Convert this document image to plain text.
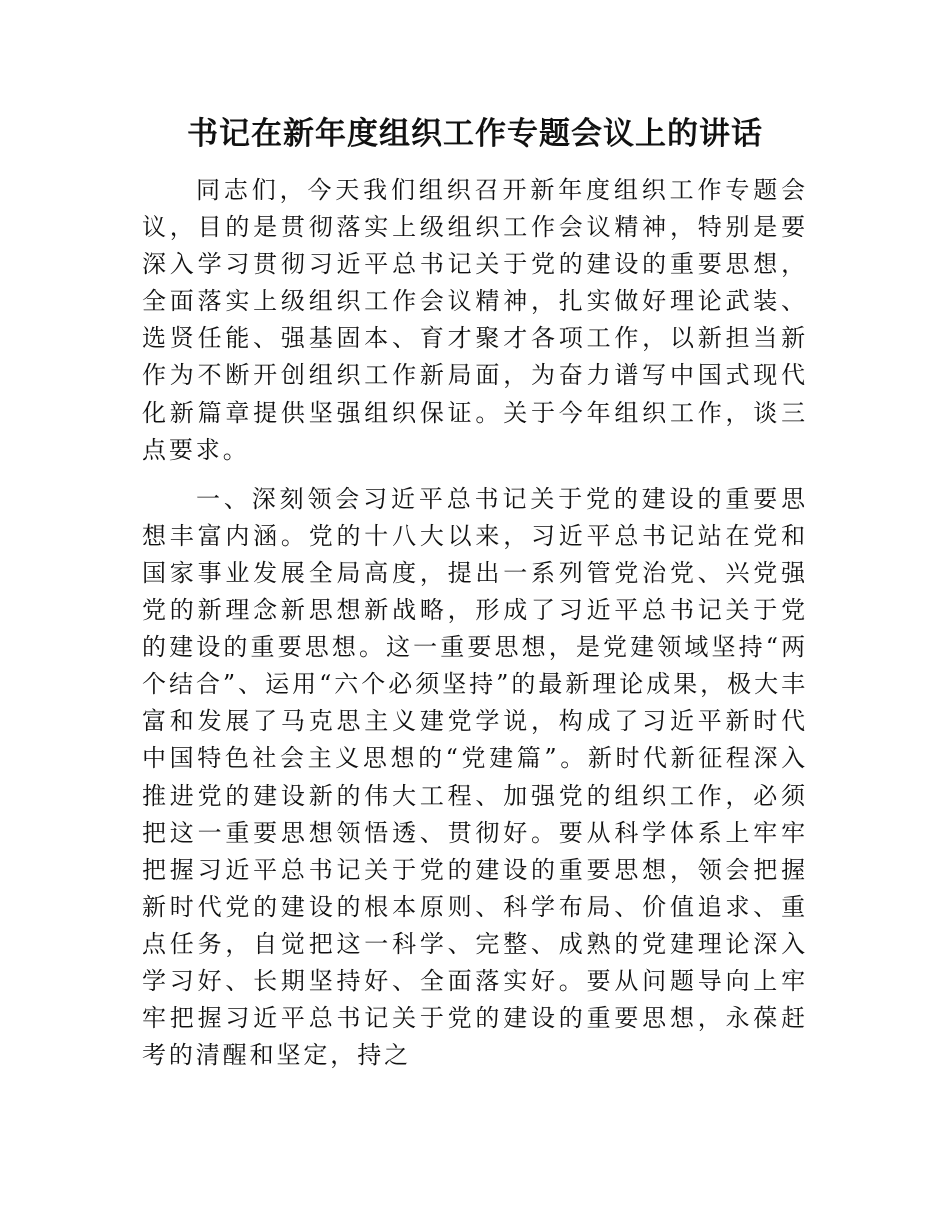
书记在新年度组织工作专题会议上的讲话

同志们，今天我们组织召开新年度组织工作专题会议，目的是贯彻落实上级组织工作会议精神，特别是要深入学习贯彻习近平总书记关于党的建设的重要思想，全面落实上级组织工作会议精神，扎实做好理论武装、选贤任能、强基固本、育才聚才各项工作，以新担当新作为不断开创组织工作新局面，为奋力谱写中国式现代化新篇章提供坚强组织保证。关于今年组织工作，谈三点要求。

一、深刻领会习近平总书记关于党的建设的重要思想丰富内涵。党的十八大以来，习近平总书记站在党和国家事业发展全局高度，提出一系列管党治党、兴党强党的新理念新思想新战略，形成了习近平总书记关于党的建设的重要思想。这一重要思想，是党建领域坚持“两个结合”、运用“六个必须坚持”的最新理论成果，极大丰富和发展了马克思主义建党学说，构成了习近平新时代中国特色社会主义思想的“党建篇”。新时代新征程深入推进党的建设新的伟大工程、加强党的组织工作，必须把这一重要思想领悟透、贯彻好。要从科学体系上牢牢把握习近平总书记关于党的建设的重要思想，领会把握新时代党的建设的根本原则、科学布局、价值追求、重点任务，自觉把这一科学、完整、成熟的党建理论深入学习好、长期坚持好、全面落实好。要从问题导向上牢牢把握习近平总书记关于党的建设的重要思想，永葆赶考的清醒和坚定，持之
